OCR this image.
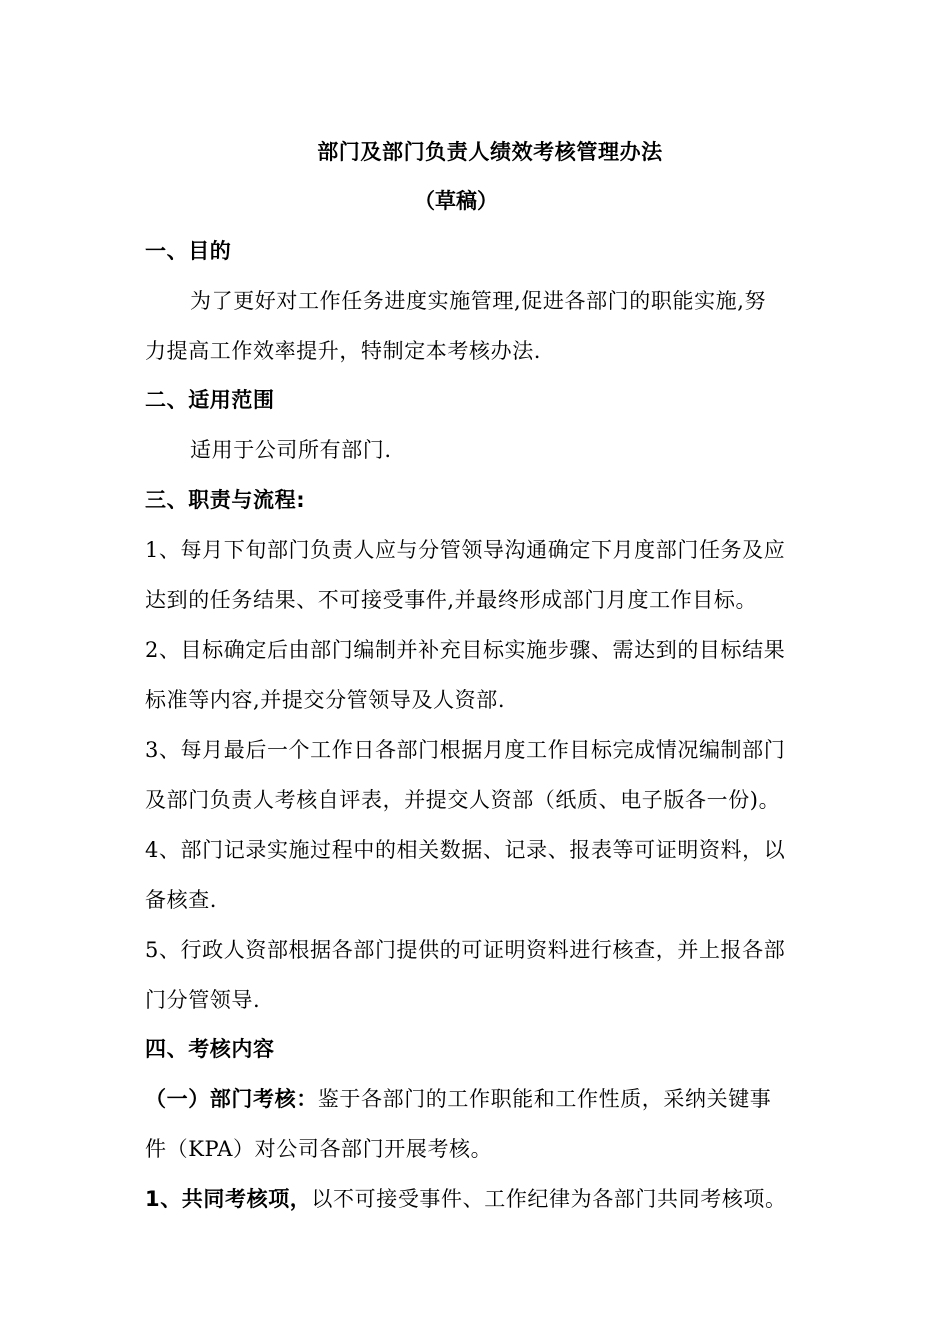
部门及部门负责人绩效考核管理办法
（草稿）
一、目的
为了更好对工作任务进度实施管理,促进各部门的职能实施,努
力提高工作效率提升，特制定本考核办法.
二、适用范围
适用于公司所有部门.
三、职责与流程:
1、每月下旬部门负责人应与分管领导沟通确定下月度部门任务及应
达到的任务结果、不可接受事件,并最终形成部门月度工作目标。
2、目标确定后由部门编制并补充目标实施步骤、需达到的目标结果
标准等内容,并提交分管领导及人资部.
3、每月最后一个工作日各部门根据月度工作目标完成情况编制部门
及部门负责人考核自评表，并提交人资部（纸质、电子版各一份)。
4、部门记录实施过程中的相关数据、记录、报表等可证明资料，以
备核查.
5、行政人资部根据各部门提供的可证明资料进行核查，并上报各部
门分管领导.
四、考核内容
（一）部门考核：鉴于各部门的工作职能和工作性质，采纳关键事
件（KPA）对公司各部门开展考核。
1、共同考核项，以不可接受事件、工作纪律为各部门共同考核项。
